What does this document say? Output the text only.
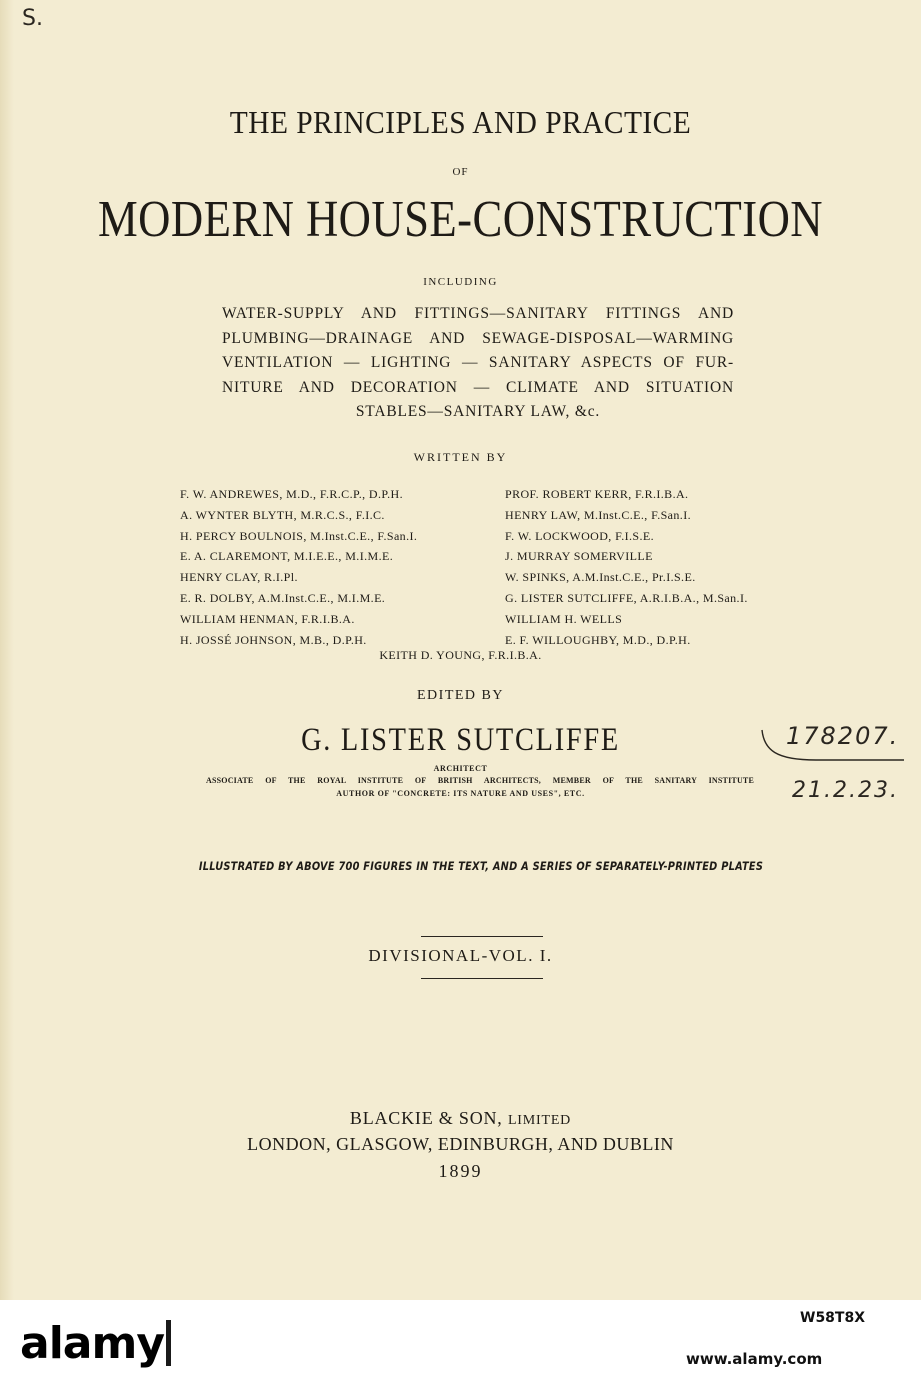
S.
THE PRINCIPLES AND PRACTICE
OF
MODERN HOUSE-CONSTRUCTION
INCLUDING
WATER-SUPPLY AND FITTINGS—SANITARY FITTINGS AND
PLUMBING—DRAINAGE AND SEWAGE-DISPOSAL—WARMING
VENTILATION — LIGHTING — SANITARY ASPECTS OF FUR-
NITURE AND DECORATION — CLIMATE AND SITUATION
STABLES—SANITARY LAW, &c.
WRITTEN BY
F. W. ANDREWES, M.D., F.R.C.P., D.P.H.
A. WYNTER BLYTH, M.R.C.S., F.I.C.
H. PERCY BOULNOIS, M.Inst.C.E., F.San.I.
E. A. CLAREMONT, M.I.E.E., M.I.M.E.
HENRY CLAY, R.I.Pl.
E. R. DOLBY, A.M.Inst.C.E., M.I.M.E.
WILLIAM HENMAN, F.R.I.B.A.
H. JOSSÉ JOHNSON, M.B., D.P.H.
PROF. ROBERT KERR, F.R.I.B.A.
HENRY LAW, M.Inst.C.E., F.San.I.
F. W. LOCKWOOD, F.I.S.E.
J. MURRAY SOMERVILLE
W. SPINKS, A.M.Inst.C.E., Pr.I.S.E.
G. LISTER SUTCLIFFE, A.R.I.B.A., M.San.I.
WILLIAM H. WELLS
E. F. WILLOUGHBY, M.D., D.P.H.
KEITH D. YOUNG, F.R.I.B.A.
EDITED BY
G. LISTER SUTCLIFFE
ARCHITECT
ASSOCIATE OF THE ROYAL INSTITUTE OF BRITISH ARCHITECTS, MEMBER OF THE SANITARY INSTITUTE
AUTHOR OF "CONCRETE: ITS NATURE AND USES", ETC.
178207.
21.2.23.
ILLUSTRATED BY ABOVE 700 FIGURES IN THE TEXT, AND A SERIES OF SEPARATELY-PRINTED PLATES
DIVISIONAL-VOL. I.
BLACKIE & SON, LIMITED
LONDON, GLASGOW, EDINBURGH, AND DUBLIN
1899
alamy	W58T8X
www.alamy.com
